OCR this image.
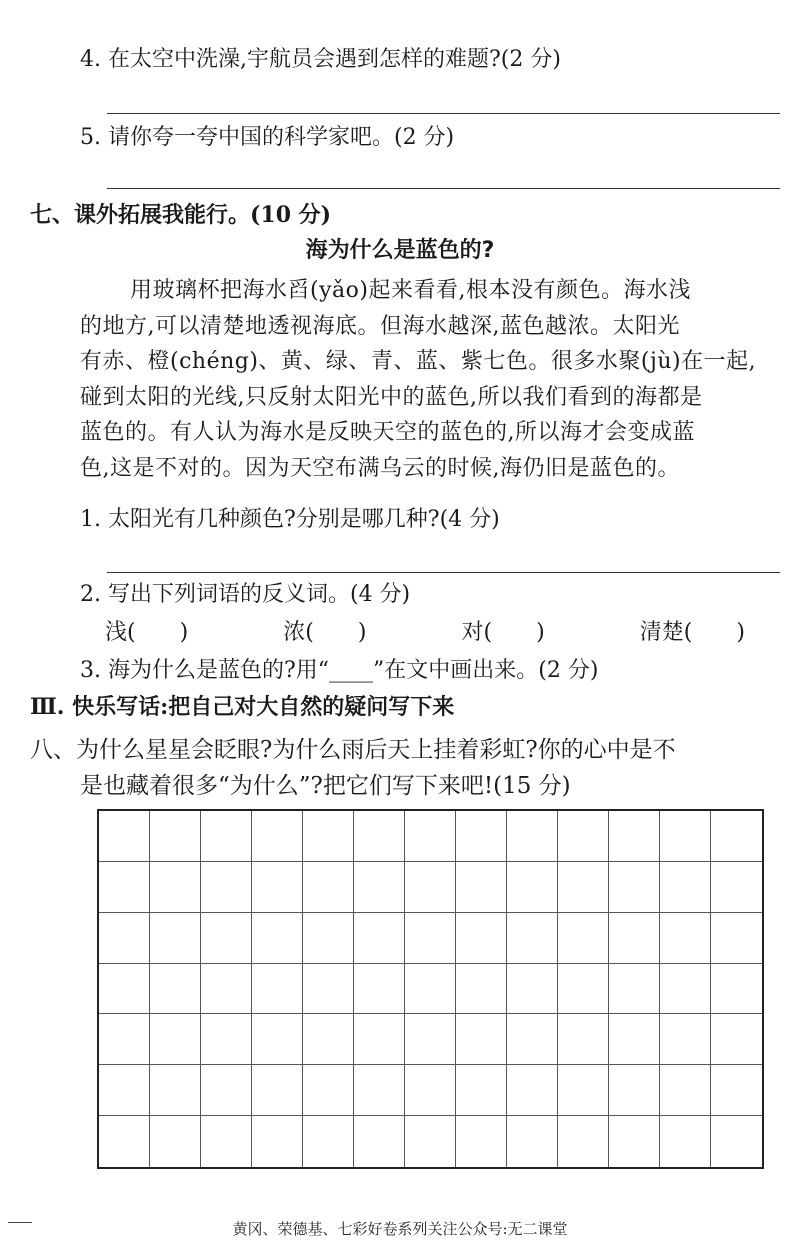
4. 在太空中洗澡,宇航员会遇到怎样的难题?(2 分)
5. 请你夸一夸中国的科学家吧。(2 分)
七、课外拓展我能行。(10 分)
海为什么是蓝色的?

用玻璃杯把海水舀(yǎo)起来看看,根本没有颜色。海水浅

的地方,可以清楚地透视海底。但海水越深,蓝色越浓。太阳光

有赤、橙(chéng)、黄、绿、青、蓝、紫七色。很多水聚(jù)在一起,

碰到太阳的光线,只反射太阳光中的蓝色,所以我们看到的海都是

蓝色的。有人认为海水是反映天空的蓝色的,所以海才会变成蓝

色,这是不对的。因为天空布满乌云的时候,海仍旧是蓝色的。

1. 太阳光有几种颜色?分别是哪几种?(4 分)
2. 写出下列词语的反义词。(4 分)
浅(　　)	浓(　　)	对(　　)	清楚(　　)
3. 海为什么是蓝色的?用“____”在文中画出来。(2 分)
Ⅲ. 快乐写话:把自己对大自然的疑问写下来
八、为什么星星会眨眼?为什么雨后天上挂着彩虹?你的心中是不
是也藏着很多“为什么”?把它们写下来吧!(15 分)
黄冈、荣德基、七彩好卷系列关注公众号:无二课堂
